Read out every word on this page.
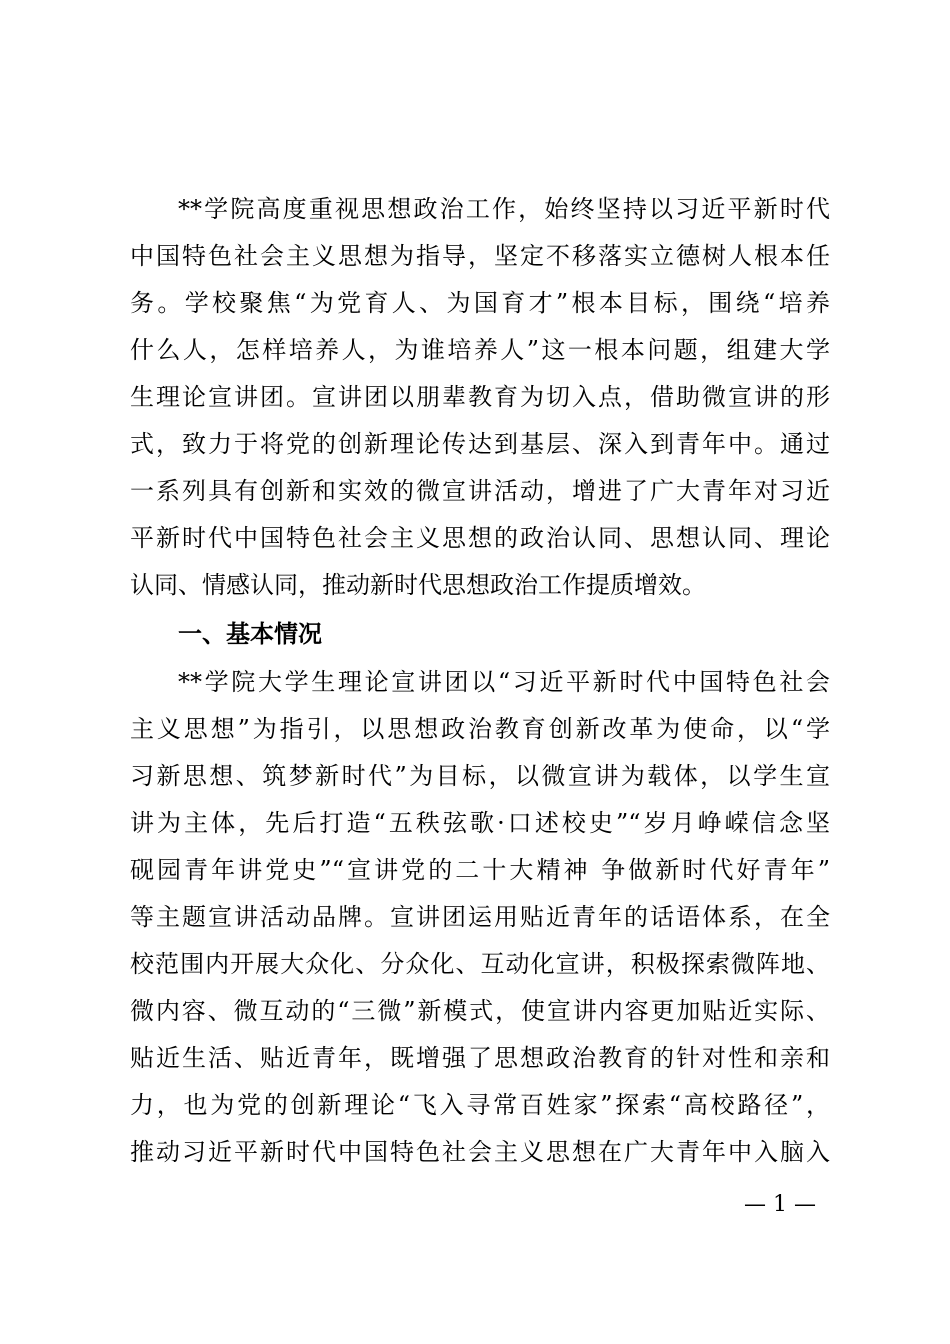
**学院高度重视思想政治工作，始终坚持以习近平新时代
中国特色社会主义思想为指导，坚定不移落实立德树人根本任
务。学校聚焦“为党育人、为国育才”根本目标，围绕“培养
什么人，怎样培养人，为谁培养人”这一根本问题，组建大学
生理论宣讲团。宣讲团以朋辈教育为切入点，借助微宣讲的形
式，致力于将党的创新理论传达到基层、深入到青年中。通过
一系列具有创新和实效的微宣讲活动，增进了广大青年对习近
平新时代中国特色社会主义思想的政治认同、思想认同、理论
认同、情感认同，推动新时代思想政治工作提质增效。
一、基本情况
**学院大学生理论宣讲团以“习近平新时代中国特色社会
主义思想”为指引，以思想政治教育创新改革为使命，以“学
习新思想、筑梦新时代”为目标，以微宣讲为载体，以学生宣
讲为主体，先后打造“五秩弦歌·口述校史”“岁月峥嵘信念坚
砚园青年讲党史”“宣讲党的二十大精神 争做新时代好青年”
等主题宣讲活动品牌。宣讲团运用贴近青年的话语体系，在全
校范围内开展大众化、分众化、互动化宣讲，积极探索微阵地、
微内容、微互动的“三微”新模式，使宣讲内容更加贴近实际、
贴近生活、贴近青年，既增强了思想政治教育的针对性和亲和
力，也为党的创新理论“飞入寻常百姓家”探索“高校路径”，
推动习近平新时代中国特色社会主义思想在广大青年中入脑入
— 1 —
